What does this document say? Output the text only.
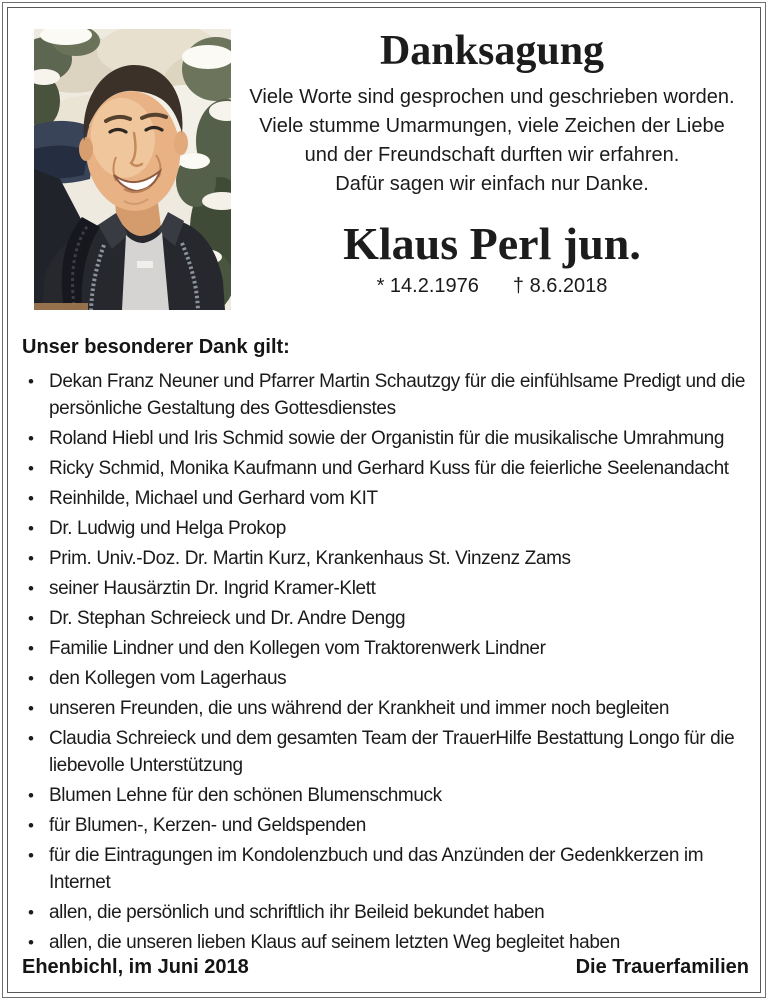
Danksagung
Viele Worte sind gesprochen und geschrieben worden.
Viele stumme Umarmungen, viele Zeichen der Liebe
und der Freundschaft durften wir erfahren.
Dafür sagen wir einfach nur Danke.
Klaus Perl jun.
* 14.2.1976 † 8.6.2018
Unser besonderer Dank gilt:
• Dekan Franz Neuner und Pfarrer Martin Schautzgy für die einfühlsame Predigt und die persönliche Gestaltung des Gottesdienstes
• Roland Hiebl und Iris Schmid sowie der Organistin für die musikalische Umrahmung
• Ricky Schmid, Monika Kaufmann und Gerhard Kuss für die feierliche Seelenandacht
• Reinhilde, Michael und Gerhard vom KIT
• Dr. Ludwig und Helga Prokop
• Prim. Univ.-Doz. Dr. Martin Kurz, Krankenhaus St. Vinzenz Zams
• seiner Hausärztin Dr. Ingrid Kramer-Klett
• Dr. Stephan Schreieck und Dr. Andre Dengg
• Familie Lindner und den Kollegen vom Traktorenwerk Lindner
• den Kollegen vom Lagerhaus
• unseren Freunden, die uns während der Krankheit und immer noch begleiten
• Claudia Schreieck und dem gesamten Team der TrauerHilfe Bestattung Longo für die liebevolle Unterstützung
• Blumen Lehne für den schönen Blumenschmuck
• für Blumen-, Kerzen- und Geldspenden
• für die Eintragungen im Kondolenzbuch und das Anzünden der Gedenkkerzen im Internet
• allen, die persönlich und schriftlich ihr Beileid bekundet haben
• allen, die unseren lieben Klaus auf seinem letzten Weg begleitet haben
Ehenbichl, im Juni 2018	Die Trauerfamilien
